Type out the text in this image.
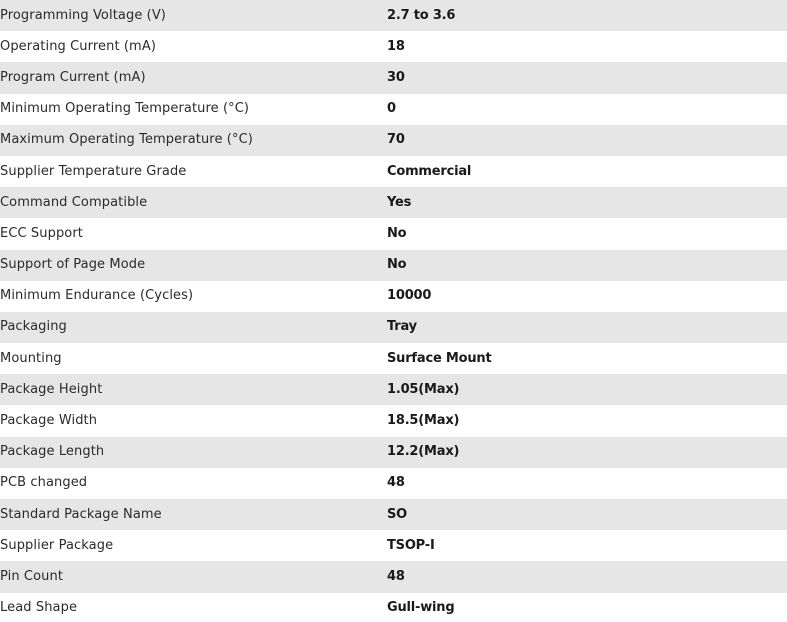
Programming Voltage (V)	2.7 to 3.6
Operating Current (mA)	18
Program Current (mA)	30
Minimum Operating Temperature (°C)	0
Maximum Operating Temperature (°C)	70
Supplier Temperature Grade	Commercial
Command Compatible	Yes
ECC Support	No
Support of Page Mode	No
Minimum Endurance (Cycles)	10000
Packaging	Tray
Mounting	Surface Mount
Package Height	1.05(Max)
Package Width	18.5(Max)
Package Length	12.2(Max)
PCB changed	48
Standard Package Name	SO
Supplier Package	TSOP-I
Pin Count	48
Lead Shape	Gull-wing
